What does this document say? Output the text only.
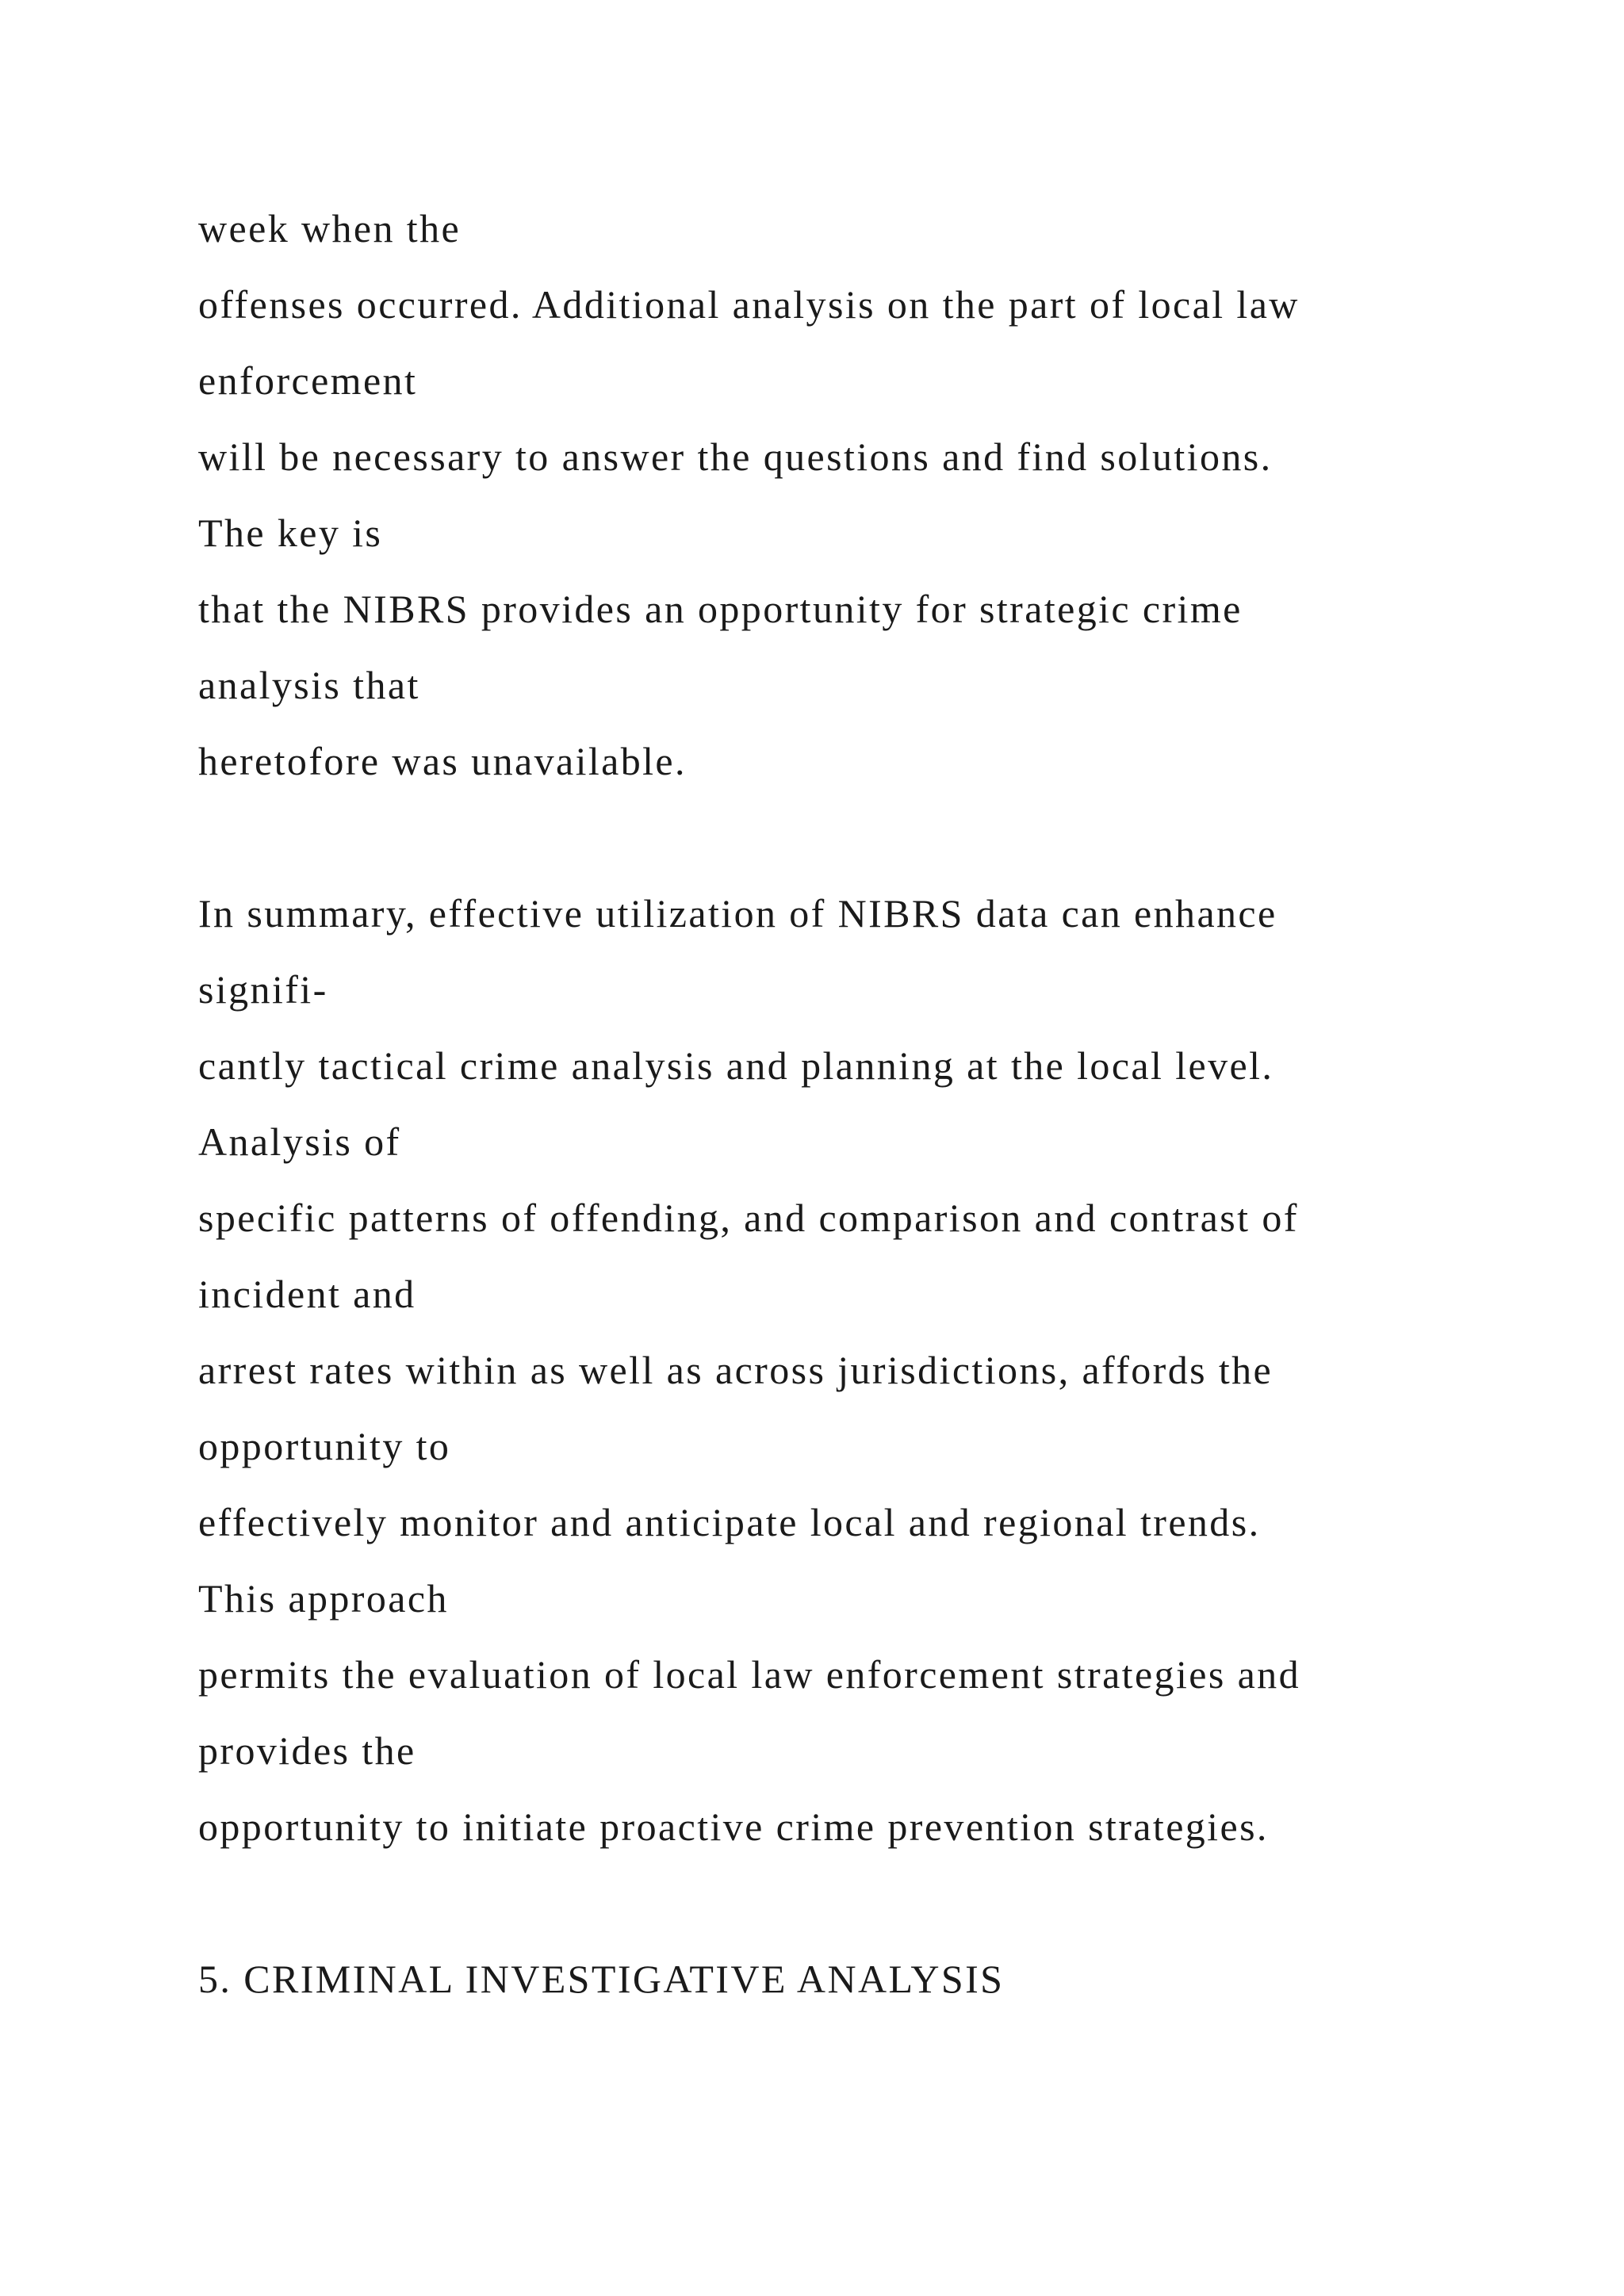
week when the
offenses occurred. Additional analysis on the part of local law
enforcement
will be necessary to answer the questions and find solutions.
The key is
that the NIBRS provides an opportunity for strategic crime
analysis that
heretofore was unavailable.
In summary, effective utilization of NIBRS data can enhance
signifi-
cantly tactical crime analysis and planning at the local level.
Analysis of
specific patterns of offending, and comparison and contrast of
incident and
arrest rates within as well as across jurisdictions, affords the
opportunity to
effectively monitor and anticipate local and regional trends.
This approach
permits the evaluation of local law enforcement strategies and
provides the
opportunity to initiate proactive crime prevention strategies.
5. CRIMINAL INVESTIGATIVE ANALYSIS
